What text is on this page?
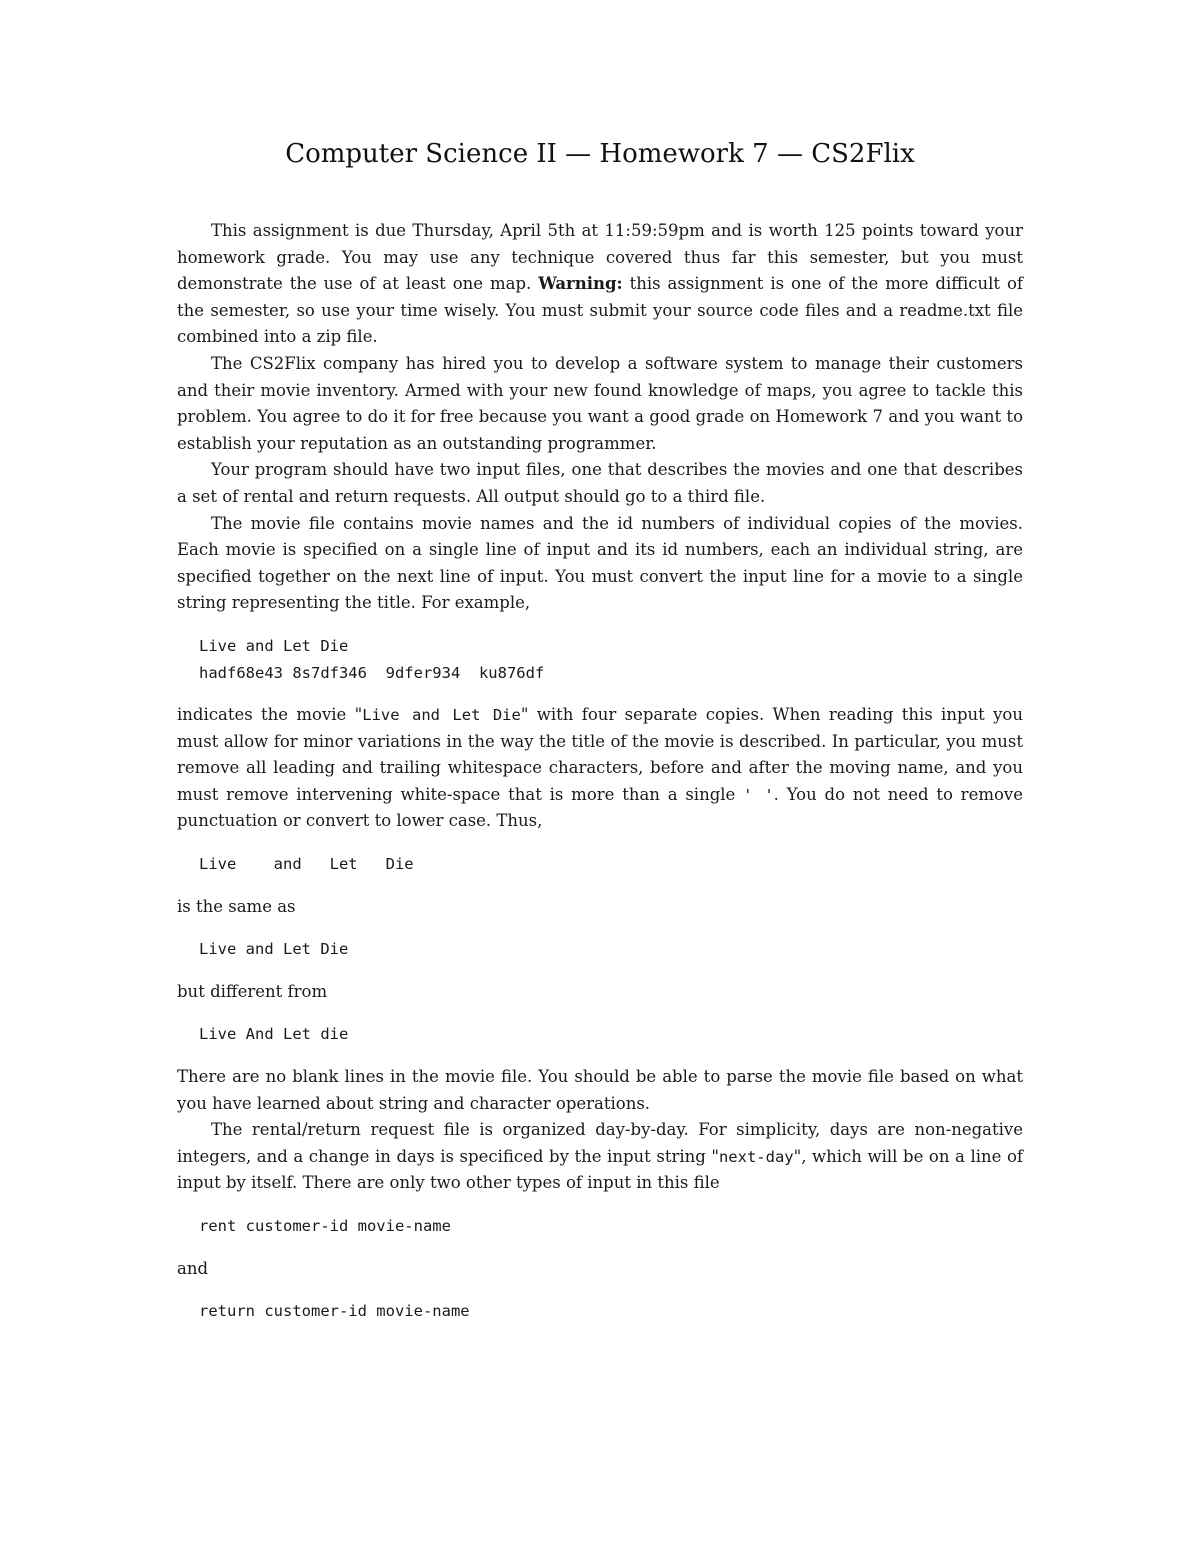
Computer Science II — Homework 7 — CS2Flix

This assignment is due Thursday, April 5th at 11:59:59pm and is worth 125 points toward your homework grade. You may use any technique covered thus far this semester, but you must demonstrate the use of at least one map. Warning: this assignment is one of the more difficult of the semester, so use your time wisely. You must submit your source code files and a readme.txt file combined into a zip file.

The CS2Flix company has hired you to develop a software system to manage their customers and their movie inventory. Armed with your new found knowledge of maps, you agree to tackle this problem. You agree to do it for free because you want a good grade on Homework 7 and you want to establish your reputation as an outstanding programmer.

Your program should have two input files, one that describes the movies and one that describes a set of rental and return requests. All output should go to a third file.

The movie file contains movie names and the id numbers of individual copies of the movies. Each movie is specified on a single line of input and its id numbers, each an individual string, are specified together on the next line of input. You must convert the input line for a movie to a single string representing the title. For example,

Live and Let Die
hadf68e43 8s7df346  9dfer934  ku876df

indicates the movie "Live and Let Die" with four separate copies. When reading this input you must allow for minor variations in the way the title of the movie is described. In particular, you must remove all leading and trailing whitespace characters, before and after the moving name, and you must remove intervening white-space that is more than a single ' '. You do not need to remove punctuation or convert to lower case. Thus,

Live    and   Let   Die

is the same as

Live and Let Die

but different from

Live And Let die

There are no blank lines in the movie file. You should be able to parse the movie file based on what you have learned about string and character operations.

The rental/return request file is organized day-by-day. For simplicity, days are non-negative integers, and a change in days is specificed by the input string "next-day", which will be on a line of input by itself. There are only two other types of input in this file

rent customer-id movie-name

and

return customer-id movie-name
